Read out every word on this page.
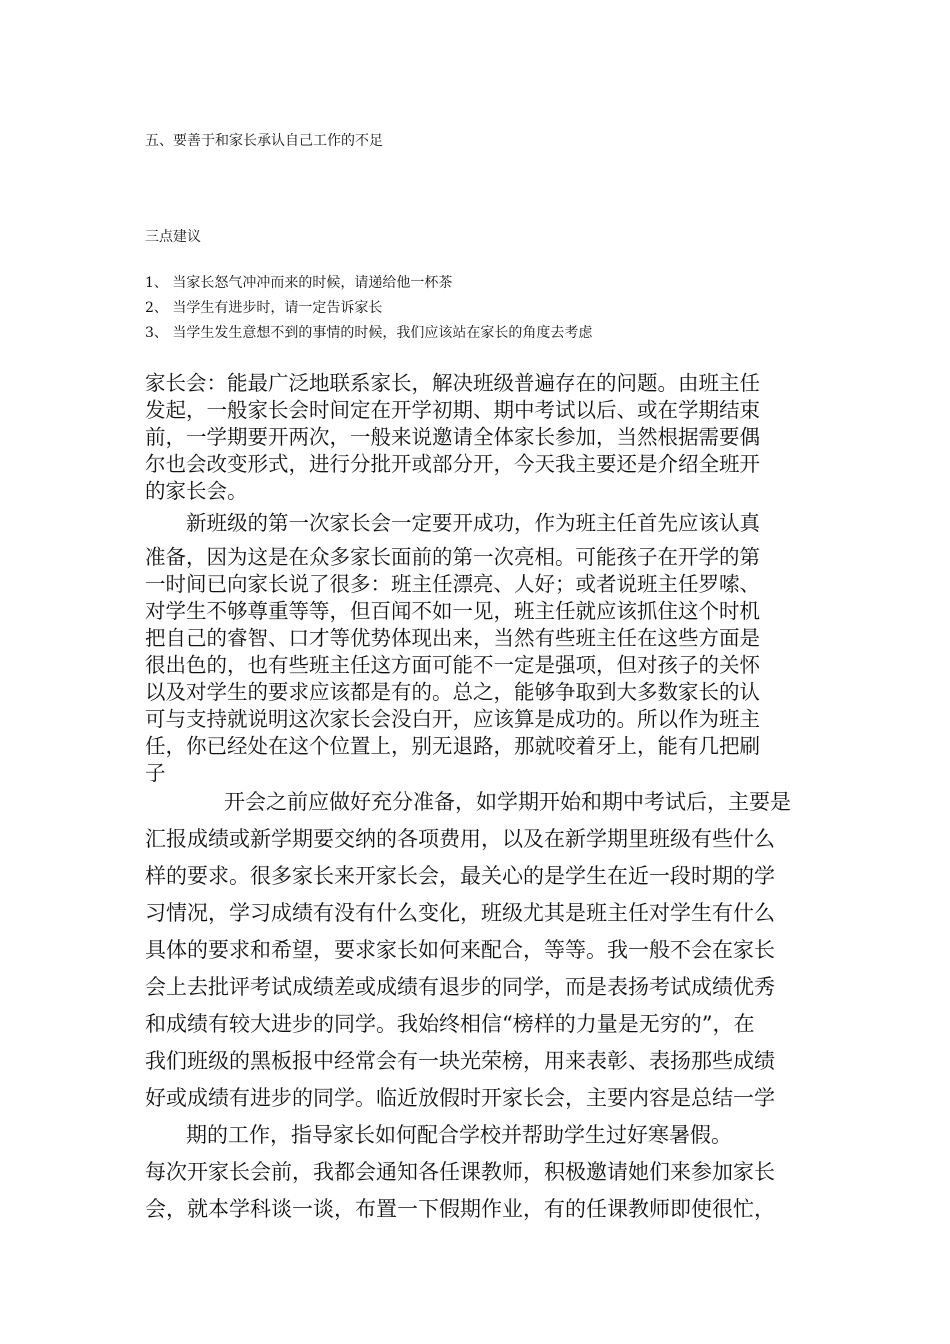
五、要善于和家长承认自己工作的不足

三点建议

1、 当家长怒气冲冲而来的时候，请递给他一杯茶

2、 当学生有进步时，请一定告诉家长

3、 当学生发生意想不到的事情的时候，我们应该站在家长的角度去考虑

家长会：能最广泛地联系家长，解决班级普遍存在的问题。由班主任

发起，一般家长会时间定在开学初期、期中考试以后、或在学期结束

前，一学期要开两次，一般来说邀请全体家长参加，当然根据需要偶

尔也会改变形式，进行分批开或部分开，今天我主要还是介绍全班开

的家长会。

新班级的第一次家长会一定要开成功，作为班主任首先应该认真

准备，因为这是在众多家长面前的第一次亮相。可能孩子在开学的第

一时间已向家长说了很多：班主任漂亮、人好；或者说班主任罗嗦、

对学生不够尊重等等，但百闻不如一见，班主任就应该抓住这个时机

把自己的睿智、口才等优势体现出来，当然有些班主任在这些方面是

很出色的，也有些班主任这方面可能不一定是强项，但对孩子的关怀

以及对学生的要求应该都是有的。总之，能够争取到大多数家长的认

可与支持就说明这次家长会没白开，应该算是成功的。所以作为班主

任，你已经处在这个位置上，别无退路，那就咬着牙上，能有几把刷

子

开会之前应做好充分准备，如学期开始和期中考试后，主要是

汇报成绩或新学期要交纳的各项费用，以及在新学期里班级有些什么

样的要求。很多家长来开家长会，最关心的是学生在近一段时期的学

习情况，学习成绩有没有什么变化，班级尤其是班主任对学生有什么

具体的要求和希望，要求家长如何来配合，等等。我一般不会在家长

会上去批评考试成绩差或成绩有退步的同学，而是表扬考试成绩优秀

和成绩有较大进步的同学。我始终相信“榜样的力量是无穷的”，在

我们班级的黑板报中经常会有一块光荣榜，用来表彰、表扬那些成绩

好或成绩有进步的同学。临近放假时开家长会，主要内容是总结一学

期的工作，指导家长如何配合学校并帮助学生过好寒暑假。

每次开家长会前，我都会通知各任课教师，积极邀请她们来参加家长

会，就本学科谈一谈，布置一下假期作业，有的任课教师即使很忙，
